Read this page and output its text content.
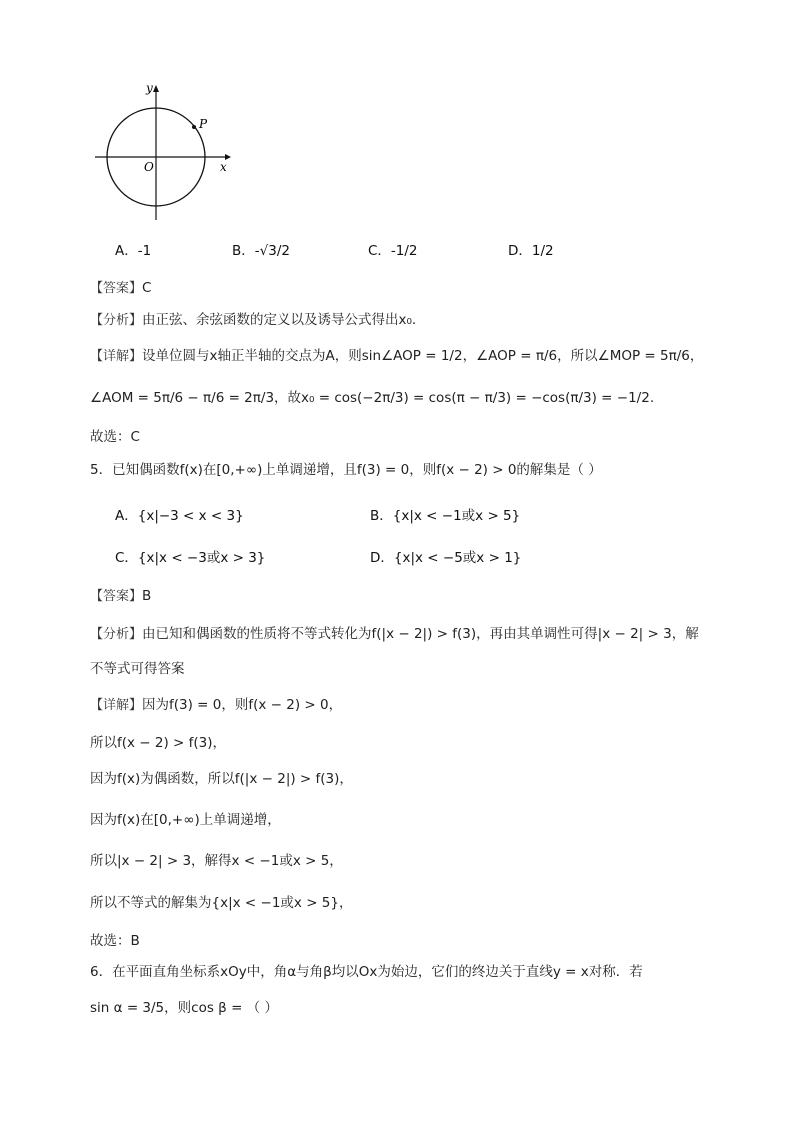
y
x
O
P
A．-1	B．-√3/2	C．-1/2	D．1/2
【答案】C
【分析】由正弦、余弦函数的定义以及诱导公式得出x₀.
【详解】设单位圆与x轴正半轴的交点为A，则sin∠AOP = 1/2，∠AOP = π/6，所以∠MOP = 5π/6，
∠AOM = 5π/6 − π/6 = 2π/3，故x₀ = cos(−2π/3) = cos(π − π/3) = −cos(π/3) = −1/2.
故选：C
5．已知偶函数f(x)在[0,+∞)上单调递增，且f(3) = 0，则f(x − 2) > 0的解集是（ ）
A．{x|−3 < x < 3}	B．{x|x < −1或x > 5}
C．{x|x < −3或x > 3}	D．{x|x < −5或x > 1}
【答案】B
【分析】由已知和偶函数的性质将不等式转化为f(|x − 2|) > f(3)，再由其单调性可得|x − 2| > 3，解
不等式可得答案
【详解】因为f(3) = 0，则f(x − 2) > 0，
所以f(x − 2) > f(3)，
因为f(x)为偶函数，所以f(|x − 2|) > f(3)，
因为f(x)在[0,+∞)上单调递增，
所以|x − 2| > 3，解得x < −1或x > 5，
所以不等式的解集为{x|x < −1或x > 5}，
故选：B
6．在平面直角坐标系xOy中，角α与角β均以Ox为始边，它们的终边关于直线y = x对称．若
sin α = 3/5，则cos β = （ ）
